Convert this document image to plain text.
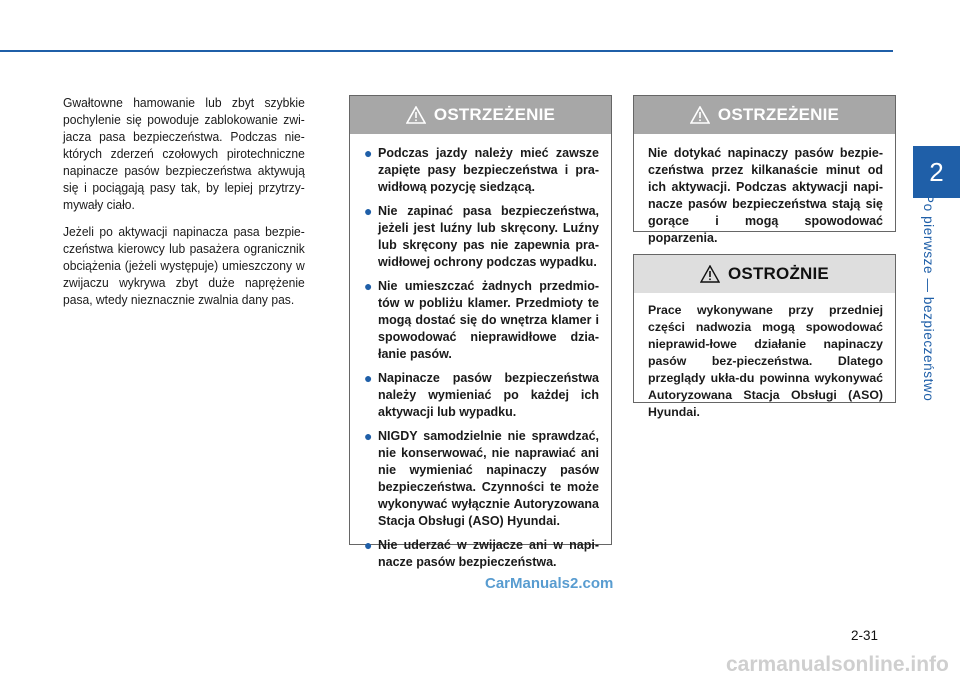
Gwałtowne hamowanie lub zbyt szybkie pochylenie się powoduje zablokowanie zwi-jacza pasa bezpieczeństwa. Podczas nie-których zderzeń czołowych pirotechniczne napinacze pasów bezpieczeństwa aktywują się i pociągają pasy tak, by lepiej przytrzy-mywały ciało.

Jeżeli po aktywacji napinacza pasa bezpie-czeństwa kierowcy lub pasażera ogranicznik obciążenia (jeżeli występuje) umieszczony w zwijaczu wykrywa zbyt duże naprężenie pasa, wtedy nieznacznie zwalnia dany pas.

OSTRZEŻENIE
● Podczas jazdy należy mieć zawsze zapięte pasy bezpieczeństwa i pra-widłową pozycję siedzącą.
● Nie zapinać pasa bezpieczeństwa, jeżeli jest luźny lub skręcony. Luźny lub skręcony pas nie zapewnia pra-widłowej ochrony podczas wypadku.
● Nie umieszczać żadnych przedmio-tów w pobliżu klamer. Przedmioty te mogą dostać się do wnętrza klamer i spowodować nieprawidłowe dzia-łanie pasów.
● Napinacze pasów bezpieczeństwa należy wymieniać po każdej ich aktywacji lub wypadku.
● NIGDY samodzielnie nie sprawdzać, nie konserwować, nie naprawiać ani nie wymieniać napinaczy pasów bezpieczeństwa. Czynności te może wykonywać wyłącznie Autoryzowana Stacja Obsługi (ASO) Hyundai.
● Nie uderzać w zwijacze ani w napi-nacze pasów bezpieczeństwa.
OSTRZEŻENIE
Nie dotykać napinaczy pasów bezpie-czeństwa przez kilkanaście minut od ich aktywacji. Podczas aktywacji napi-nacze pasów bezpieczeństwa stają się gorące i mogą spowodować poparzenia.
OSTROŻNIE
Prace wykonywane przy przedniej części nadwozia mogą spowodować nieprawid-łowe działanie napinaczy pasów bez-pieczeństwa. Dlatego przeglądy ukła-du powinna wykonywać Autoryzowana Stacja Obsługi (ASO) Hyundai.
2
Po pierwsze — bezpieczeństwo
CarManuals2.com
2-31
carmanualsonline.info
